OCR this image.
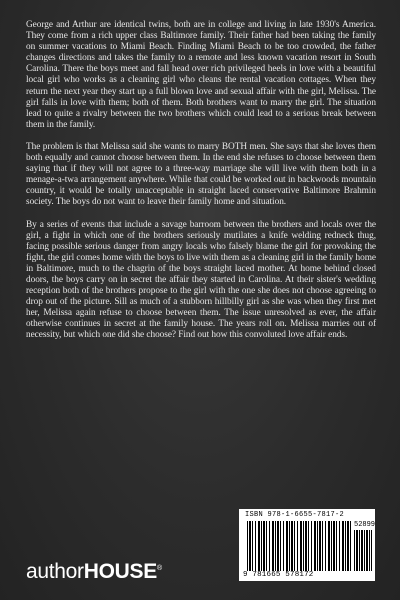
George and Arthur are identical twins, both are in college and living in late 1930's America. They come from a rich upper class Baltimore family. Their father had been taking the family on summer vacations to Miami Beach. Finding Miami Beach to be too crowded, the father changes directions and takes the family to a remote and less known vacation resort in South Carolina. There the boys meet and fall head over rich privileged heels in love with a beautiful local girl who works as a cleaning girl who cleans the rental vacation cottages. When they return the next year they start up a full blown love and sexual affair with the girl, Melissa. The girl falls in love with them; both of them. Both brothers want to marry the girl. The situation lead to quite a rivalry between the two brothers which could lead to a serious break between them in the family.

The problem is that Melissa said she wants to marry BOTH men. She says that she loves them both equally and cannot choose between them. In the end she refuses to choose between them saying that if they will not agree to a three-way marriage she will live with them both in a menage-a-twa arrangement anywhere. While that could be worked out in backwoods mountain country, it would be totally unacceptable in straight laced conservative Baltimore Brahmin society. The boys do not want to leave their family home and situation.

By a series of events that include a savage barroom between the brothers and locals over the girl, a fight in which one of the brothers seriously mutilates a knife welding redneck thug, facing possible serious danger from angry locals who falsely blame the girl for provoking the fight, the girl comes home with the boys to live with them as a cleaning girl in the family home in Baltimore, much to the chagrin of the boys straight laced mother. At home behind closed doors, the boys carry on in secret the affair they started in Carolina. At their sister's wedding reception both of the brothers propose to the girl with the one she does not choose agreeing to drop out of the picture. Sill as much of a stubborn hillbilly girl as she was when they first met her, Melissa again refuse to choose between them. The issue unresolved as ever, the affair otherwise continues in secret at the family house. The years roll on. Melissa marries out of necessity, but which one did she choose? Find out how this convoluted love affair ends.

authorHOUSE®
ISBN 978-1-6655-7817-2
52899
9 781665 578172
